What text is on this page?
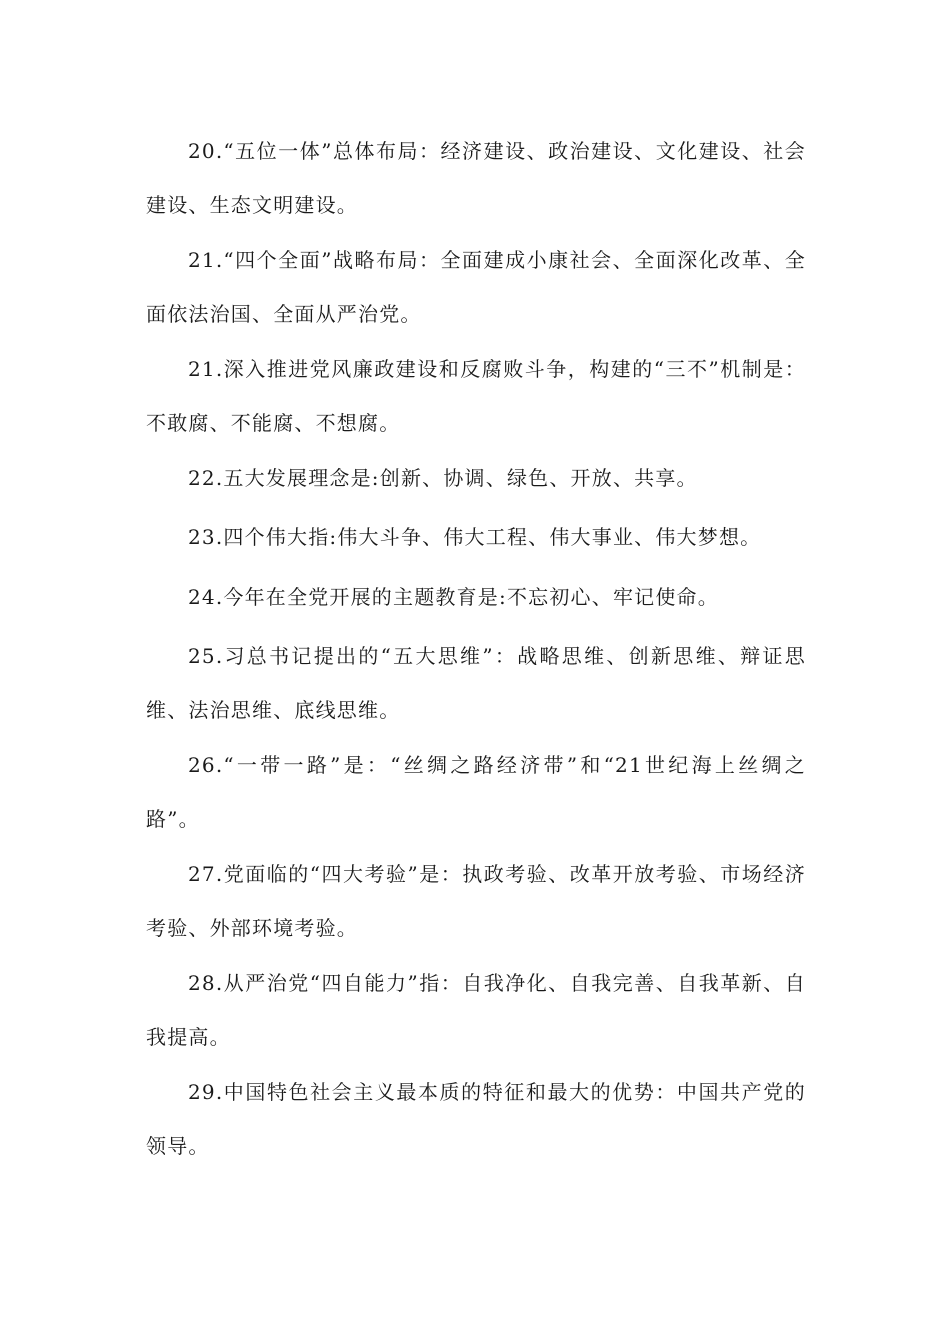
20.“五位一体”总体布局：经济建设、政治建设、文化建设、社会建设、生态文明建设。

21.“四个全面”战略布局：全面建成小康社会、全面深化改革、全面依法治国、全面从严治党。

21.深入推进党风廉政建设和反腐败斗争，构建的“三不”机制是：不敢腐、不能腐、不想腐。

22.五大发展理念是:创新、协调、绿色、开放、共享。

23.四个伟大指:伟大斗争、伟大工程、伟大事业、伟大梦想。

24.今年在全党开展的主题教育是:不忘初心、牢记使命。

25.习总书记提出的“五大思维”：战略思维、创新思维、辩证思维、法治思维、底线思维。

26.“一带一路”是：“丝绸之路经济带”和“21世纪海上丝绸之路”。

27.党面临的“四大考验”是：执政考验、改革开放考验、市场经济考验、外部环境考验。

28.从严治党“四自能力”指：自我净化、自我完善、自我革新、自我提高。

29.中国特色社会主义最本质的特征和最大的优势：中国共产党的领导。
